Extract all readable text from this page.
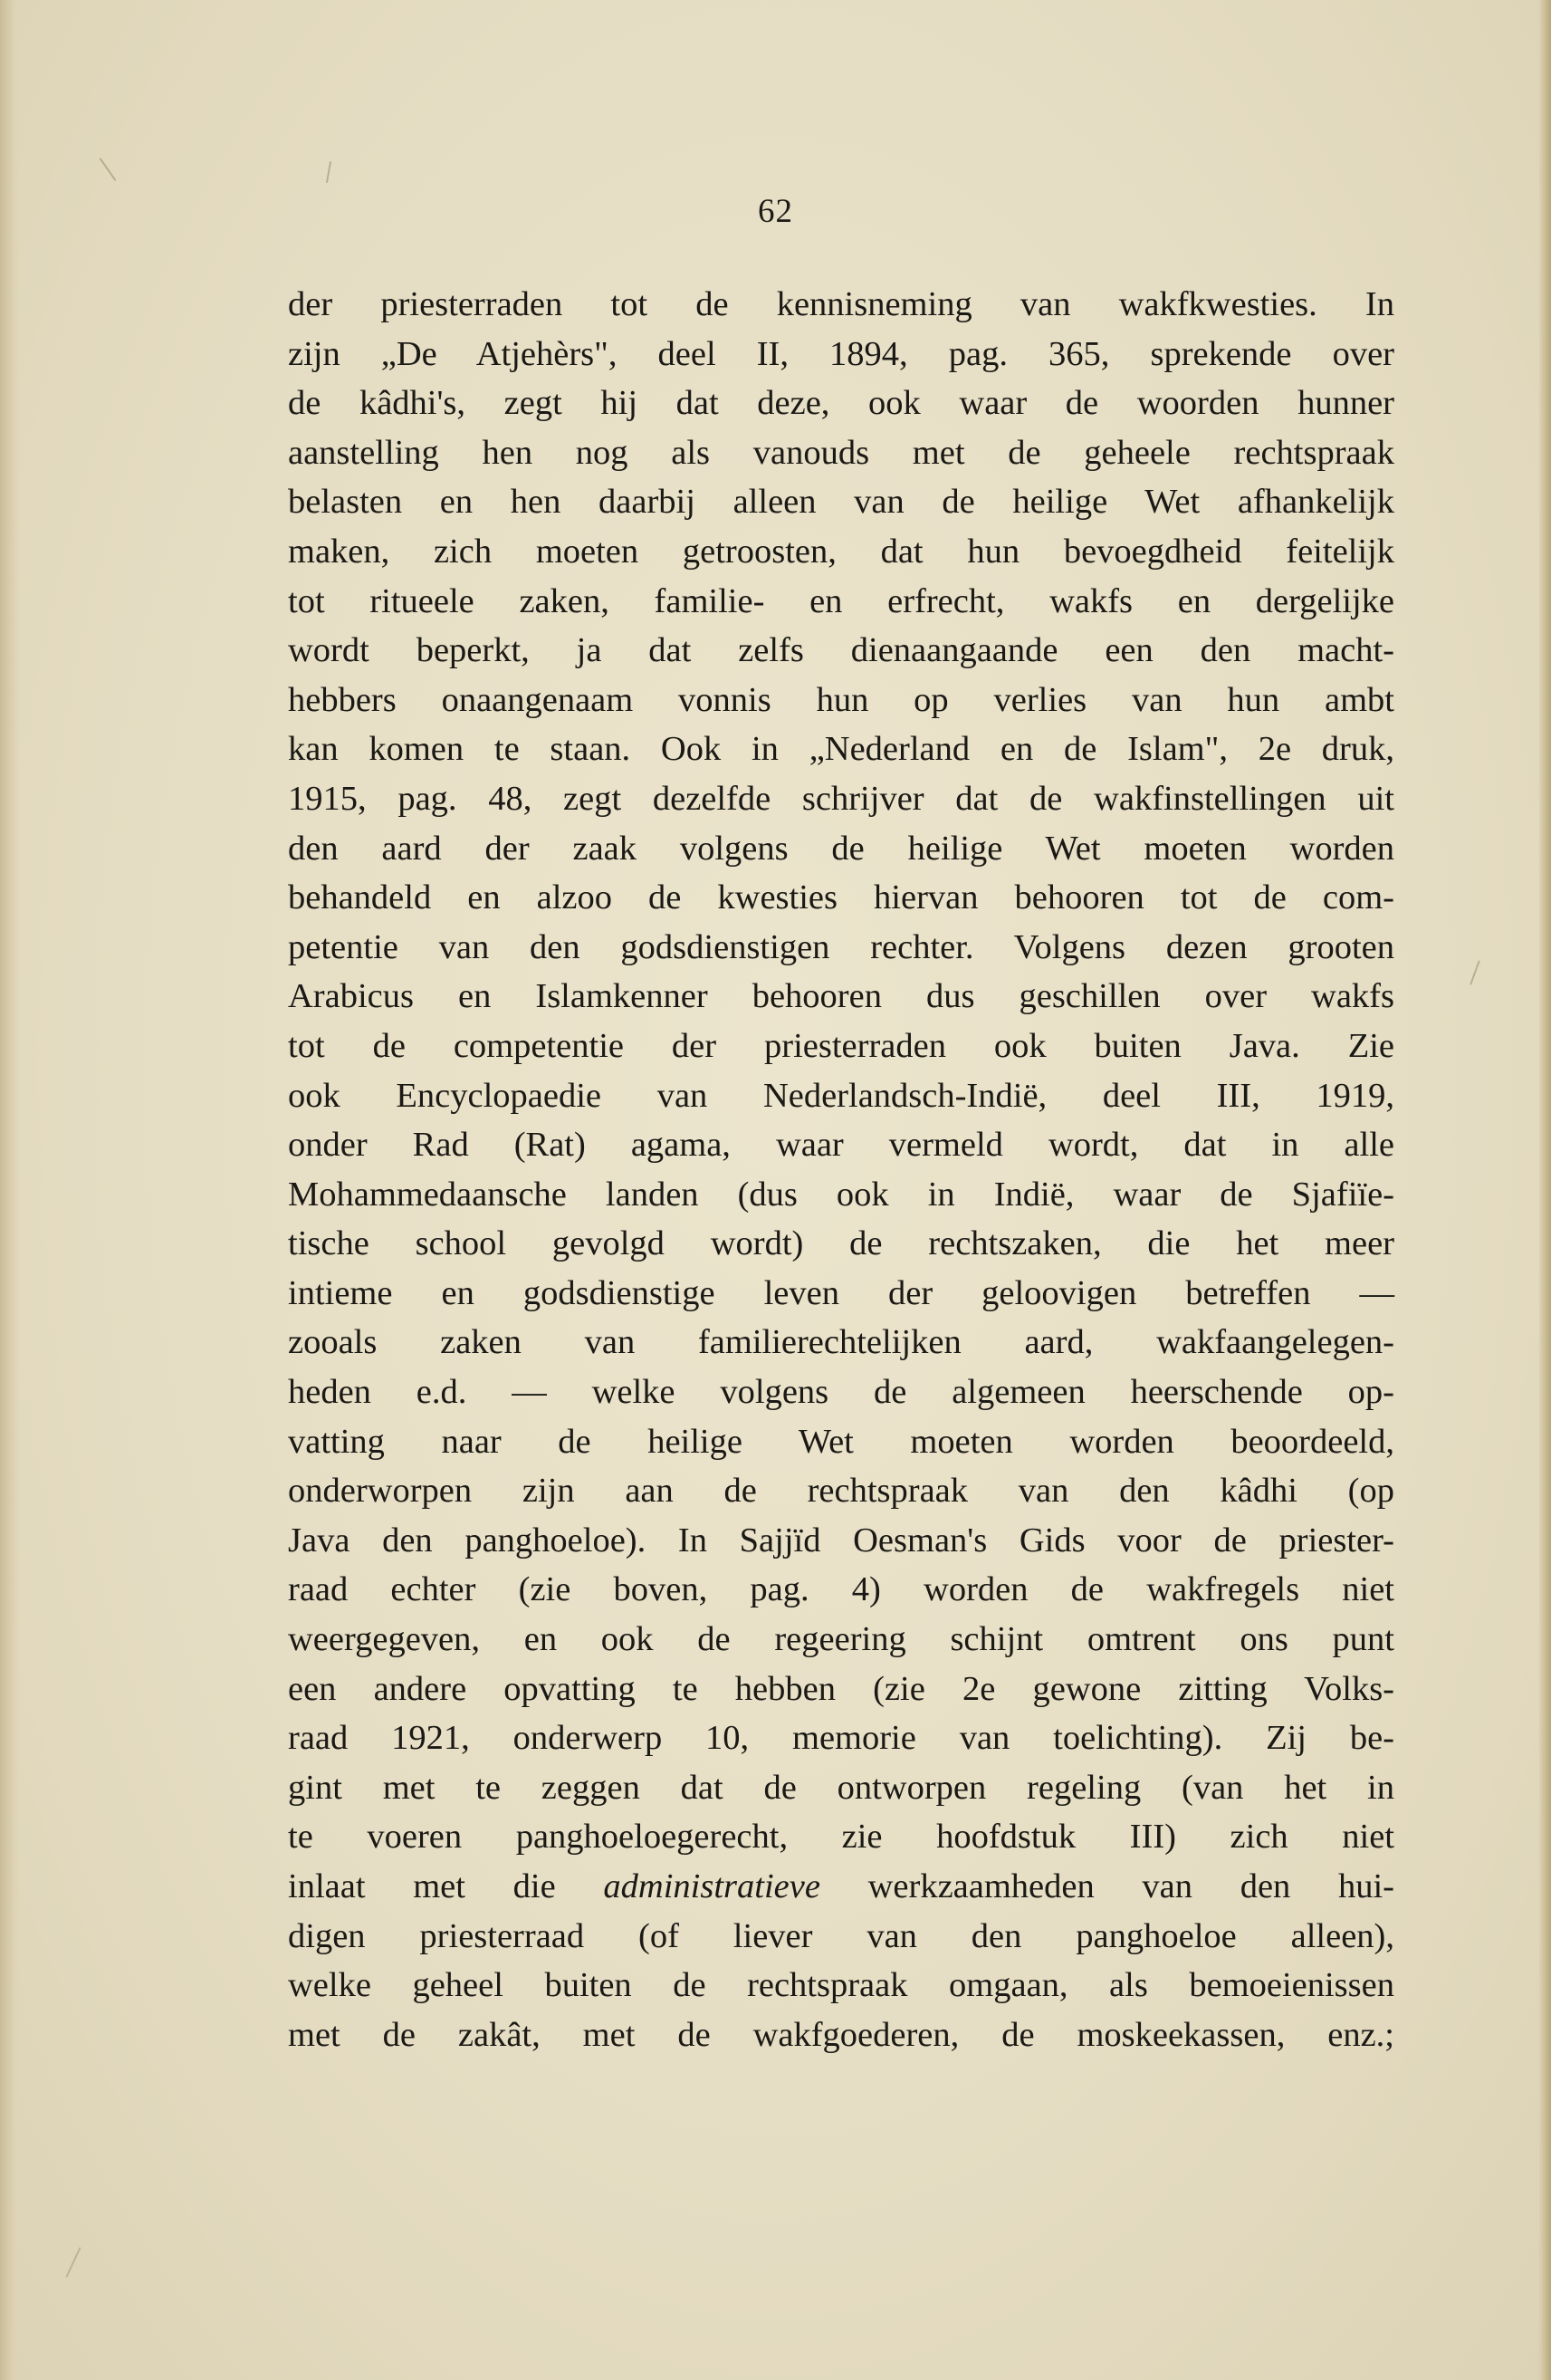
62
der priesterraden tot de kennisneming van wakfkwesties. In
zijn „De Atjehèrs", deel II, 1894, pag. 365, sprekende over
de kâdhi's, zegt hij dat deze, ook waar de woorden hunner
aanstelling hen nog als vanouds met de geheele rechtspraak
belasten en hen daarbij alleen van de heilige Wet afhankelijk
maken, zich moeten getroosten, dat hun bevoegdheid feitelijk
tot ritueele zaken, familie- en erfrecht, wakfs en dergelijke
wordt beperkt, ja dat zelfs dienaangaande een den macht-
hebbers onaangenaam vonnis hun op verlies van hun ambt
kan komen te staan. Ook in „Nederland en de Islam", 2e druk,
1915, pag. 48, zegt dezelfde schrijver dat de wakfinstellingen uit
den aard der zaak volgens de heilige Wet moeten worden
behandeld en alzoo de kwesties hiervan behooren tot de com-
petentie van den godsdienstigen rechter. Volgens dezen grooten
Arabicus en Islamkenner behooren dus geschillen over wakfs
tot de competentie der priesterraden ook buiten Java. Zie
ook Encyclopaedie van Nederlandsch-Indië, deel III, 1919,
onder Rad (Rat) agama, waar vermeld wordt, dat in alle
Mohammedaansche landen (dus ook in Indië, waar de Sjafiïe-
tische school gevolgd wordt) de rechtszaken, die het meer
intieme en godsdienstige leven der geloovigen betreffen —
zooals zaken van familierechtelijken aard, wakfaangelegen-
heden e.d. — welke volgens de algemeen heerschende op-
vatting naar de heilige Wet moeten worden beoordeeld,
onderworpen zijn aan de rechtspraak van den kâdhi (op
Java den panghoeloe). In Sajjïd Oesman's Gids voor de priester-
raad echter (zie boven, pag. 4) worden de wakfregels niet
weergegeven, en ook de regeering schijnt omtrent ons punt
een andere opvatting te hebben (zie 2e gewone zitting Volks-
raad 1921, onderwerp 10, memorie van toelichting). Zij be-
gint met te zeggen dat de ontworpen regeling (van het in
te voeren panghoeloegerecht, zie hoofdstuk III) zich niet
inlaat met die administratieve werkzaamheden van den hui-
digen priesterraad (of liever van den panghoeloe alleen),
welke geheel buiten de rechtspraak omgaan, als bemoeienissen
met de zakât, met de wakfgoederen, de moskeekassen, enz.;
